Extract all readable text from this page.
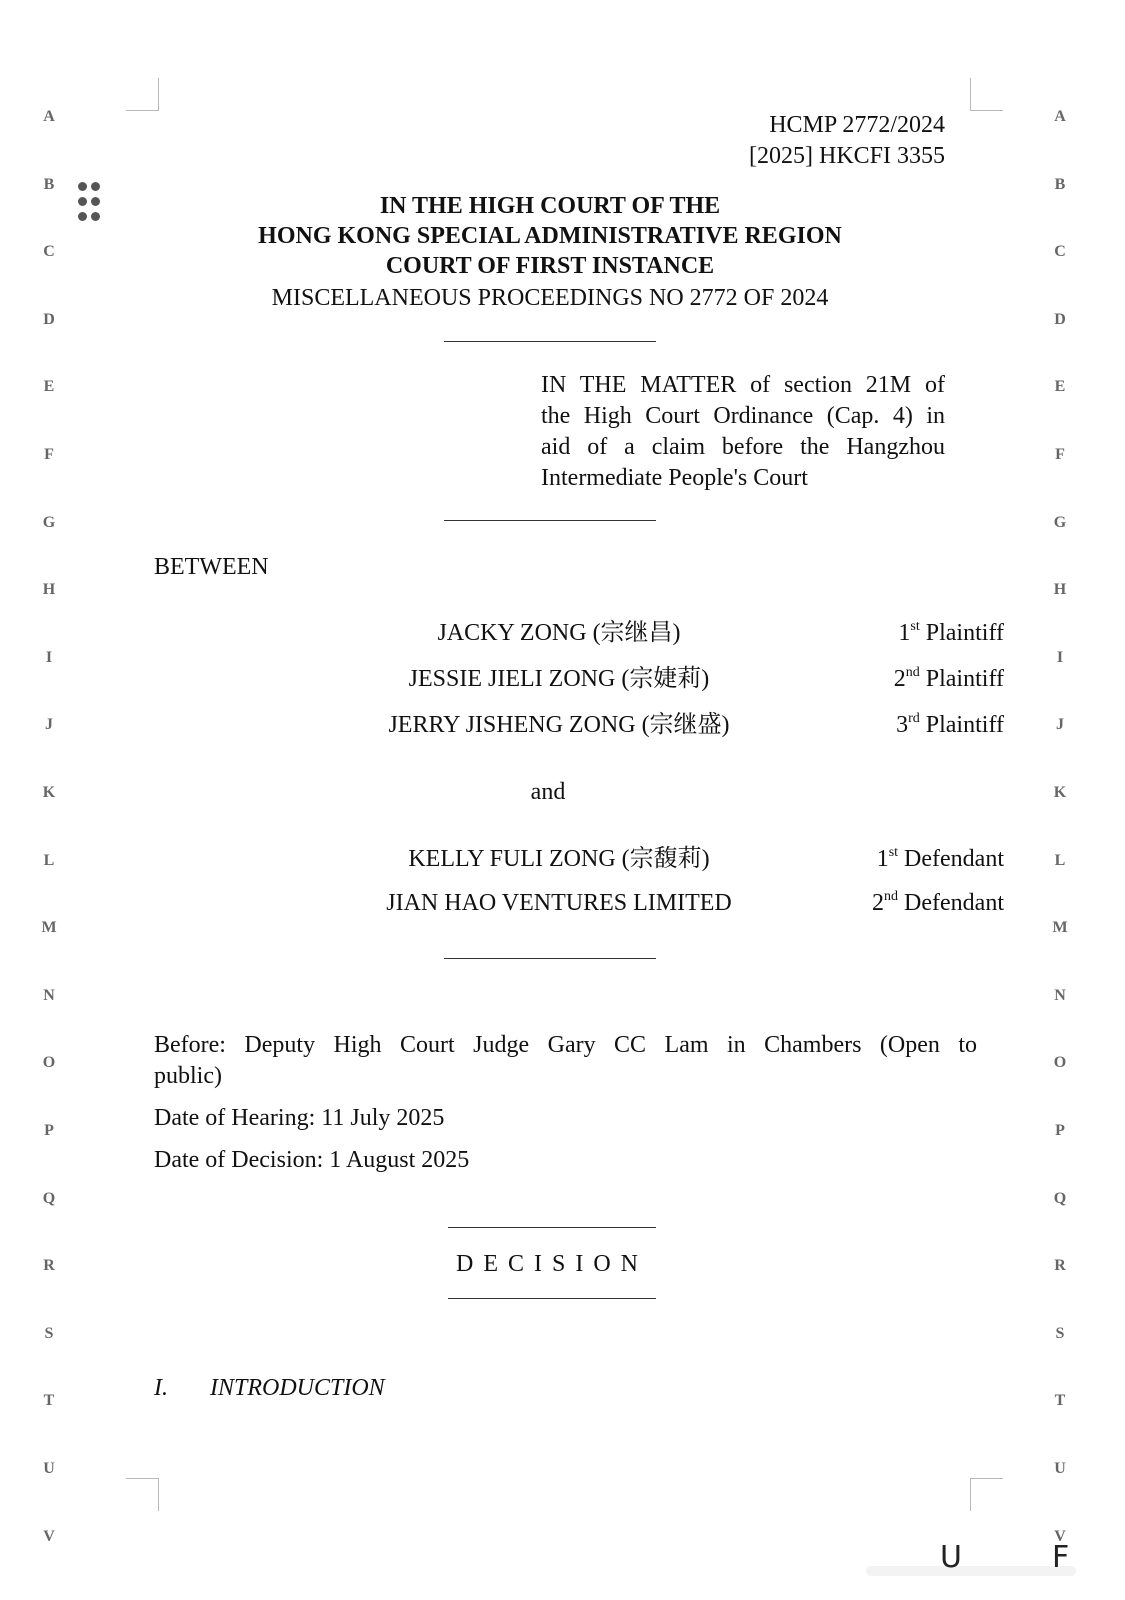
A
B
C
D
E
F
G
H
I
J
K
L
M
N
O
P
Q
R
S
T
U
V
A
B
C
D
E
F
G
H
I
J
K
L
M
N
O
P
Q
R
S
T
U
V
HCMP 2772/2024
[2025] HKCFI 3355
IN THE HIGH COURT OF THE
HONG KONG SPECIAL ADMINISTRATIVE REGION
COURT OF FIRST INSTANCE
MISCELLANEOUS PROCEEDINGS NO 2772 OF 2024
IN THE MATTER of section 21M of
the High Court Ordinance (Cap. 4) in
aid of a claim before the Hangzhou
Intermediate People's Court
BETWEEN
JACKY ZONG (宗继昌)	1st Plaintiff
JESSIE JIELI ZONG (宗婕莉)	2nd Plaintiff
JERRY JISHENG ZONG (宗继盛)	3rd Plaintiff
and
KELLY FULI ZONG (宗馥莉)	1st Defendant
JIAN HAO VENTURES LIMITED	2nd Defendant
Before: Deputy High Court Judge Gary CC Lam in Chambers (Open to
public)
Date of Hearing: 11 July 2025
Date of Decision: 1 August 2025
D E C I S I O N
I. INTRODUCTION
U	F
